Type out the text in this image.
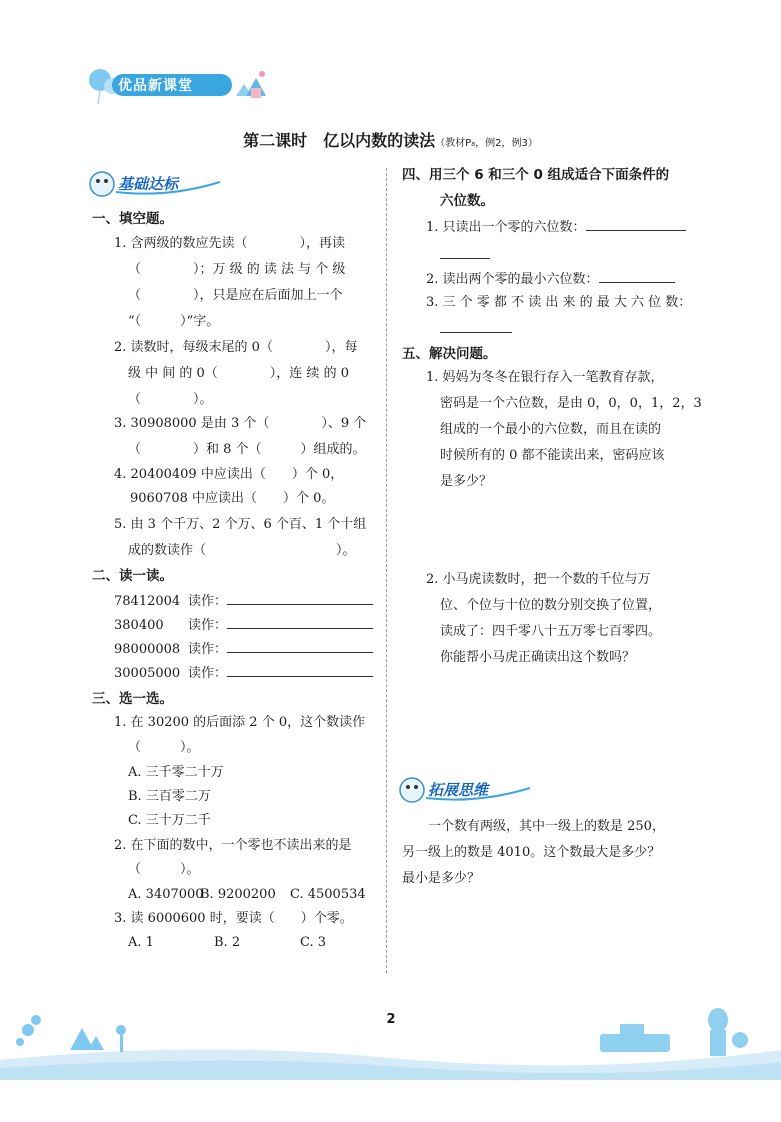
优品新课堂
第二课时　亿以内数的读法（教材P₈，例2，例3）
基础达标
一、填空题。
1. 含两级的数应先读（　　　　），再读
（　　　　）；万 级 的 读 法 与 个 级
（　　　　），只是应在后面加上一个
“（　　　）”字。
2. 读数时，每级末尾的 0（　　　　），每
级 中 间 的 0（　　　　），连 续 的 0
（　　　　）。
3. 30908000 是由 3 个（　　　　）、9 个
（　　　　）和 8 个（　　　）组成的。
4. 20400409 中应读出（　　）个 0，
9060708 中应读出（　　）个 0。
5. 由 3 个千万、2 个万、6 个百、1 个十组
成的数读作（　　　　　　　　　　）。
二、读一读。
78412004 读作：
380400 读作：
98000008 读作：
30005000 读作：
三、选一选。
1. 在 30200 的后面添 2 个 0，这个数读作
（　　　）。
A. 三千零二十万
B. 三百零二万
C. 三十万二千
2. 在下面的数中，一个零也不读出来的是
（　　　）。
A. 3407000
B. 9200200 C. 4500534
3. 读 6000600 时，要读（　　）个零。
A. 1	B. 2	C. 3
四、用三个 6 和三个 0 组成适合下面条件的
六位数。
1. 只读出一个零的六位数：
2. 读出两个零的最小六位数：
3. 三 个 零 都 不 读 出 来 的 最 大 六 位 数：
五、解决问题。
1. 妈妈为冬冬在银行存入一笔教育存款，
密码是一个六位数，是由 0，0，0，1，2，3
组成的一个最小的六位数，而且在读的
时候所有的 0 都不能读出来，密码应该
是多少？
2. 小马虎读数时，把一个数的千位与万
位、个位与十位的数分别交换了位置，
读成了：四千零八十五万零七百零四。
你能帮小马虎正确读出这个数吗？
拓展思维
一个数有两级，其中一级上的数是 250，
另一级上的数是 4010。这个数最大是多少？
最小是多少？
2
